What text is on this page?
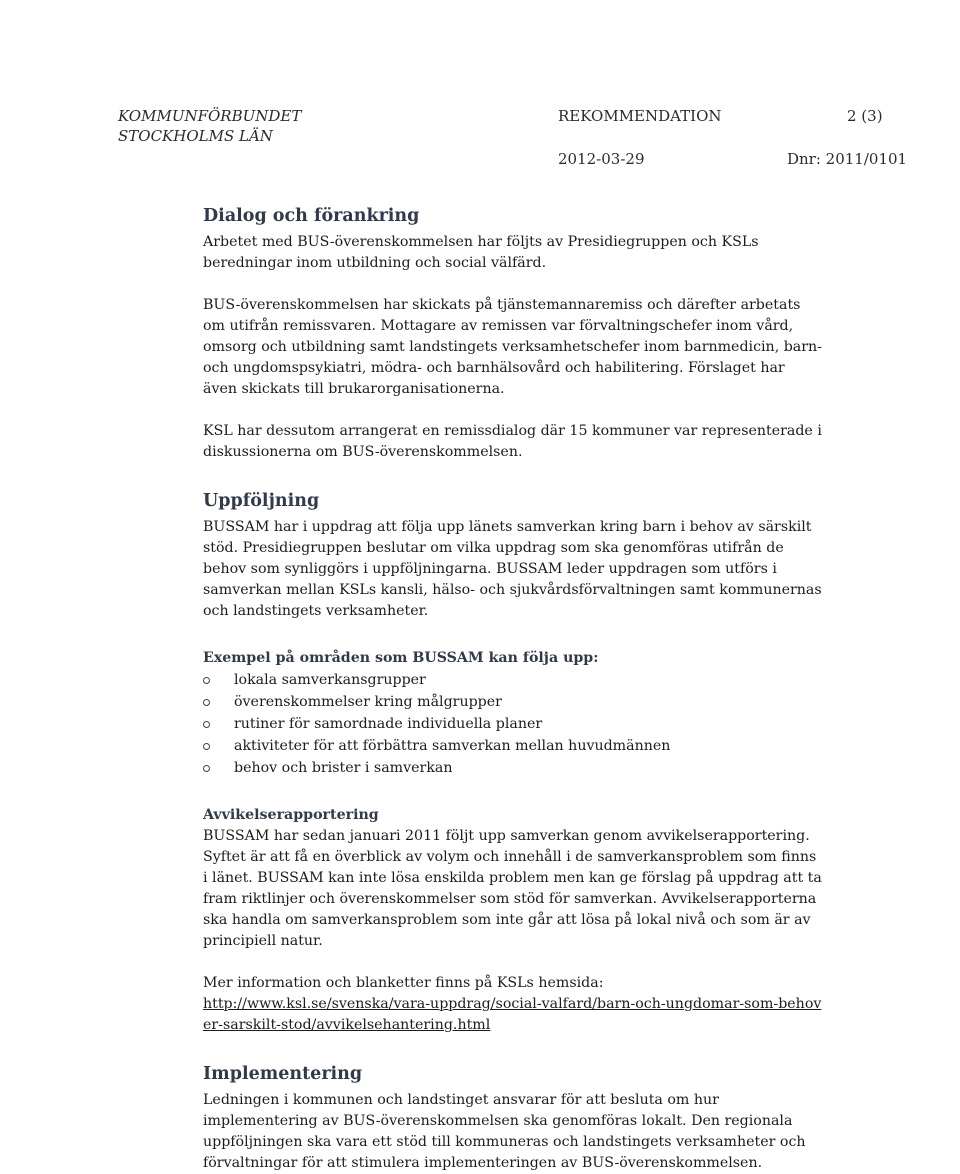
KOMMUNFÖRBUNDET
STOCKHOLMS LÄN
REKOMMENDATION	2 (3)
2012-03-29	Dnr: 2011/0101
Dialog och förankring

Arbetet med BUS-överenskommelsen har följts av Presidiegruppen och KSLs beredningar inom utbildning och social välfärd.

BUS-överenskommelsen har skickats på tjänstemannaremiss och därefter arbetats om utifrån remissvaren. Mottagare av remissen var förvaltningschefer inom vård, omsorg och utbildning samt landstingets verksamhetschefer inom barnmedicin, barn- och ungdomspsykiatri, mödra- och barnhälsovård och habilitering. Förslaget har även skickats till brukarorganisationerna.

KSL har dessutom arrangerat en remissdialog där 15 kommuner var representerade i diskussionerna om BUS-överenskommelsen.

Uppföljning

BUSSAM har i uppdrag att följa upp länets samverkan kring barn i behov av särskilt stöd. Presidiegruppen beslutar om vilka uppdrag som ska genomföras utifrån de behov som synliggörs i uppföljningarna. BUSSAM leder uppdragen som utförs i samverkan mellan KSLs kansli, hälso- och sjukvårdsförvaltningen samt kommunernas och landstingets verksamheter.

Exempel på områden som BUSSAM kan följa upp:
lokala samverkansgrupper
överenskommelser kring målgrupper
rutiner för samordnade individuella planer
aktiviteter för att förbättra samverkan mellan huvudmännen
behov och brister i samverkan
Avvikelserapportering

BUSSAM har sedan januari 2011 följt upp samverkan genom avvikelserapportering. Syftet är att få en överblick av volym och innehåll i de samverkansproblem som finns i länet. BUSSAM kan inte lösa enskilda problem men kan ge förslag på uppdrag att ta fram riktlinjer och överenskommelser som stöd för samverkan. Avvikelserapporterna ska handla om samverkansproblem som inte går att lösa på lokal nivå och som är av principiell natur.

Mer information och blanketter finns på KSLs hemsida:

http://www.ksl.se/svenska/vara-uppdrag/social-valfard/barn-och-ungdomar-som-behover-sarskilt-stod/avvikelsehantering.html
Implementering

Ledningen i kommunen och landstinget ansvarar för att besluta om hur implementering av BUS-överenskommelsen ska genomföras lokalt. Den regionala uppföljningen ska vara ett stöd till kommuneras och landstingets verksamheter och förvaltningar för att stimulera implementeringen av BUS-överenskommelsen.
